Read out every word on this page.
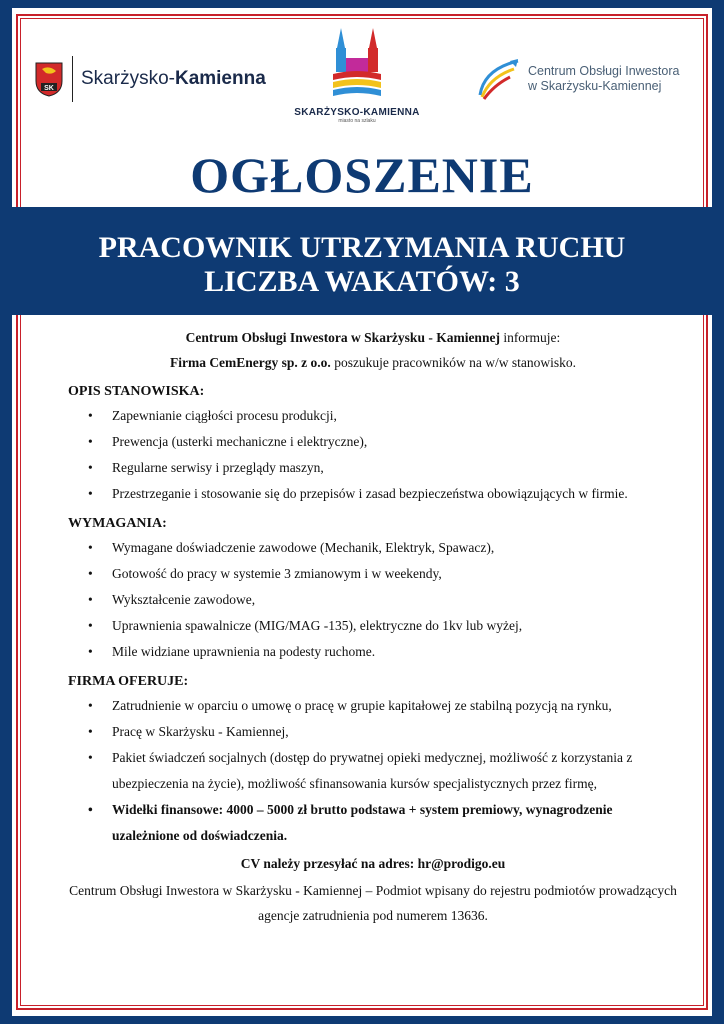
SK Skarżysko-Kamienna
SKARŻYSKO-KAMIENNA
miasto na szlaku
Centrum Obsługi Inwestora
w Skarżysku-Kamiennej
OGŁOSZENIE
PRACOWNIK UTRZYMANIA RUCHU
LICZBA WAKATÓW: 3
Centrum Obsługi Inwestora w Skarżysku - Kamiennej informuje:
Firma CemEnergy sp. z o.o. poszukuje pracowników na w/w stanowisko.
OPIS STANOWISKA:
• Zapewnianie ciągłości procesu produkcji,
• Prewencja (usterki mechaniczne i elektryczne),
• Regularne serwisy i przeglądy maszyn,
• Przestrzeganie i stosowanie się do przepisów i zasad bezpieczeństwa obowiązujących w firmie.
WYMAGANIA:
• Wymagane doświadczenie zawodowe (Mechanik, Elektryk, Spawacz),
• Gotowość do pracy w systemie 3 zmianowym i w weekendy,
• Wykształcenie zawodowe,
• Uprawnienia spawalnicze (MIG/MAG -135), elektryczne do 1kv lub wyżej,
• Mile widziane uprawnienia na podesty ruchome.
FIRMA OFERUJE:
• Zatrudnienie w oparciu o umowę o pracę w grupie kapitałowej ze stabilną pozycją na rynku,
• Pracę w Skarżysku - Kamiennej,
• Pakiet świadczeń socjalnych (dostęp do prywatnej opieki medycznej, możliwość z korzystania z ubezpieczenia na życie), możliwość sfinansowania kursów specjalistycznych przez firmę,
• Widełki finansowe: 4000 – 5000 zł brutto podstawa + system premiowy, wynagrodzenie uzależnione od doświadczenia.
CV należy przesyłać na adres: hr@prodigo.eu
Centrum Obsługi Inwestora w Skarżysku - Kamiennej – Podmiot wpisany do rejestru podmiotów prowadzących agencje zatrudnienia pod numerem 13636.
